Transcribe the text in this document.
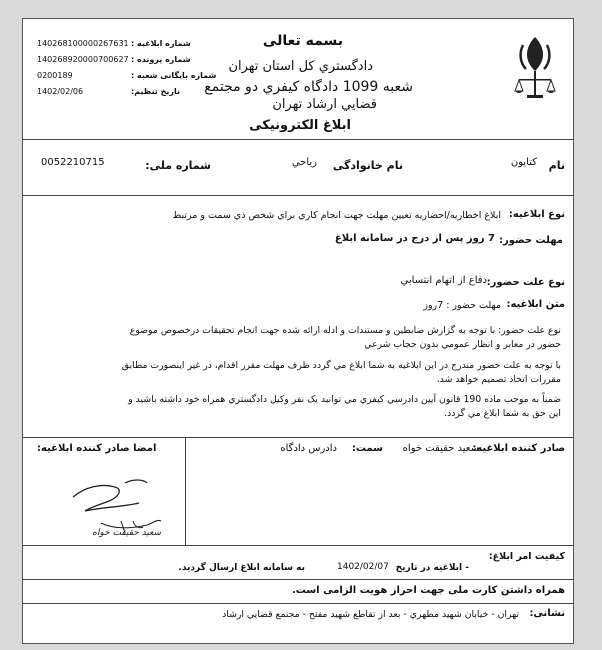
بسمه تعالی
دادگستري کل استان تهران
شعبه 1099 دادگاه کیفري دو مجتمع
قضايي ارشاد تهران
ابلاغ الکترونیکی
شماره ابلاغیه :
140268100000267631
شماره پرونده :
140268920000700627
شماره بایگانی شعبه :
0200189
تاریخ تنظیم:
1402/02/06
نام
کتايون
نام خانوادگی
رياحي
شماره ملی:
0052210715
نوع ابلاغیه:
ابلاغ اخطاريه/احضاريه تعیین مهلت جهت انجام کاري براي شخص ذي سمت و مرتبط
مهلت حضور:
7 روز پس از درج در سامانه ابلاغ
نوع علت حضور:
دفاع از اتهام انتسابي
متن ابلاغیه:
مهلت حضور : 7روز
نوع علت حضور: با توجه به گزارش ضابطین و مستندات و ادله ارائه شده جهت انجام تحقیقات درخصوص موضوع
حضور در معابر و انظار عمومي بدون حجاب شرعي
با توجه به علت حضور مندرج در اين ابلاغيه به شما ابلاغ مي گردد ظرف مهلت مقرر اقدام، در غير اينصورت مطابق
مقررات اتخاذ تصميم خواهد شد.
ضمناً به موجب ماده 190 قانون آيين دادرسي كيفري مي توانيد يک نفر وكيل دادگستري همراه خود داشته باشيد و
اين حق به شما ابلاغ مي گردد.
صادر کننده ابلاغیه:
سعید حقیقت خواه
سمت:
دادرس دادگاه
امضا صادر کننده ابلاغیه:
سعید حقیقت خواه
کیفیت امر ابلاغ:
- ابلاغیه در تاریخ
1402/02/07
به سامانه ابلاغ ارسال گردید.
همراه داشتن کارت ملی جهت احراز هویت الزامی است.
نشانی:
تهران - خیابان شهید مطهري - بعد از تقاطع شهید مفتح - مجتمع قضايي ارشاد
